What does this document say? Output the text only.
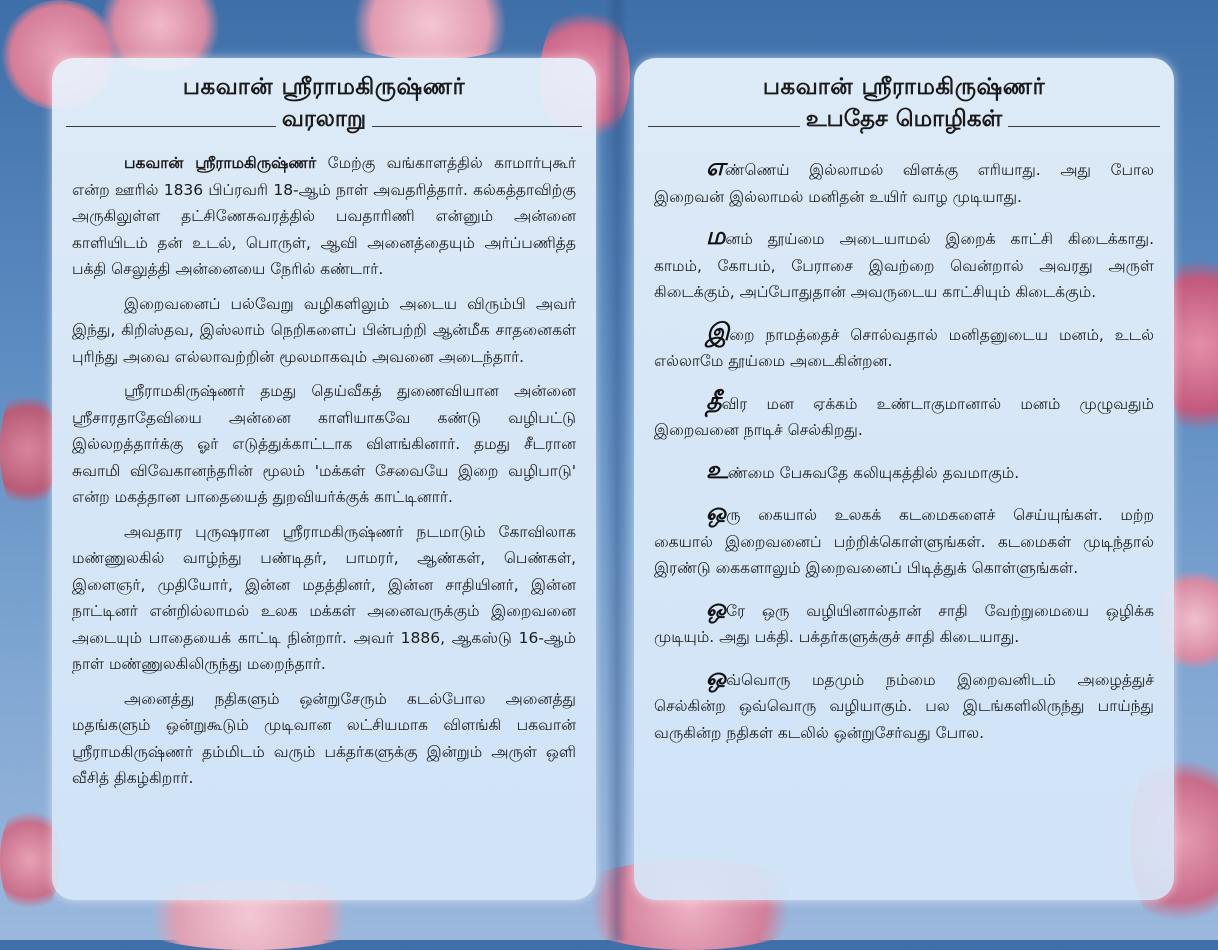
பகவான் ஸ்ரீராமகிருஷ்ணர்
வரலாறு

பகவான் ஸ்ரீராமகிருஷ்ணர் மேற்கு வங்காளத்தில் காமார்புகூர் என்ற ஊரில் 1836 பிப்ரவரி 18-ஆம் நாள் அவதரித்தார். கல்கத்தாவிற்கு அருகிலுள்ள தட்சிணேசுவரத்தில் பவதாரிணி என்னும் அன்னை காளியிடம் தன் உடல், பொருள், ஆவி அனைத்தையும் அர்ப்பணித்த பக்தி செலுத்தி அன்னையை நேரில் கண்டார்.

இறைவனைப் பல்வேறு வழிகளிலும் அடைய விரும்பி அவர் இந்து, கிறிஸ்தவ, இஸ்லாம் நெறிகளைப் பின்பற்றி ஆன்மீக சாதனைகள் புரிந்து அவை எல்லாவற்றின் மூலமாகவும் அவனை அடைந்தார்.

ஸ்ரீராமகிருஷ்ணர் தமது தெய்வீகத் துணைவியான அன்னை ஸ்ரீசாரதாதேவியை அன்னை காளியாகவே கண்டு வழிபட்டு இல்லறத்தார்க்கு ஓர் எடுத்துக்காட்டாக விளங்கினார். தமது சீடரான சுவாமி விவேகானந்தரின் மூலம் 'மக்கள் சேவையே இறை வழிபாடு' என்ற மகத்தான பாதையைத் துறவியர்க்குக் காட்டினார்.

அவதார புருஷரான ஸ்ரீராமகிருஷ்ணர் நடமாடும் கோவிலாக மண்ணுலகில் வாழ்ந்து பண்டிதர், பாமரர், ஆண்கள், பெண்கள், இளைஞர், முதியோர், இன்ன மதத்தினர், இன்ன சாதியினர், இன்ன நாட்டினர் என்றில்லாமல் உலக மக்கள் அனைவருக்கும் இறைவனை அடையும் பாதையைக் காட்டி நின்றார். அவர் 1886, ஆகஸ்டு 16-ஆம் நாள் மண்ணுலகிலிருந்து மறைந்தார்.

அனைத்து நதிகளும் ஒன்றுசேரும் கடல்போல அனைத்து மதங்களும் ஒன்றுகூடும் முடிவான லட்சியமாக விளங்கி பகவான் ஸ்ரீராமகிருஷ்ணர் தம்மிடம் வரும் பக்தர்களுக்கு இன்றும் அருள் ஒளி வீசித் திகழ்கிறார்.

பகவான் ஸ்ரீராமகிருஷ்ணர்
உபதேச மொழிகள்

எண்ணெய் இல்லாமல் விளக்கு எரியாது. அது போல இறைவன் இல்லாமல் மனிதன் உயிர் வாழ முடியாது.

மனம் தூய்மை அடையாமல் இறைக் காட்சி கிடைக்காது. காமம், கோபம், பேராசை இவற்றை வென்றால் அவரது அருள் கிடைக்கும், அப்போதுதான் அவருடைய காட்சியும் கிடைக்கும்.

இறை நாமத்தைச் சொல்வதால் மனிதனுடைய மனம், உடல் எல்லாமே தூய்மை அடைகின்றன.

தீவிர மன ஏக்கம் உண்டாகுமானால் மனம் முழுவதும் இறைவனை நாடிச் செல்கிறது.

உண்மை பேசுவதே கலியுகத்தில் தவமாகும்.

ஒரு கையால் உலகக் கடமைகளைச் செய்யுங்கள். மற்ற கையால் இறைவனைப் பற்றிக்கொள்ளுங்கள். கடமைகள் முடிந்தால் இரண்டு கைகளாலும் இறைவனைப் பிடித்துக் கொள்ளுங்கள்.

ஒரே ஒரு வழியினால்தான் சாதி வேற்றுமையை ஒழிக்க முடியும். அது பக்தி. பக்தர்களுக்குச் சாதி கிடையாது.

ஒவ்வொரு மதமும் நம்மை இறைவனிடம் அழைத்துச் செல்கின்ற ஒவ்வொரு வழியாகும். பல இடங்களிலிருந்து பாய்ந்து வருகின்ற நதிகள் கடலில் ஒன்றுசேர்வது போல.
